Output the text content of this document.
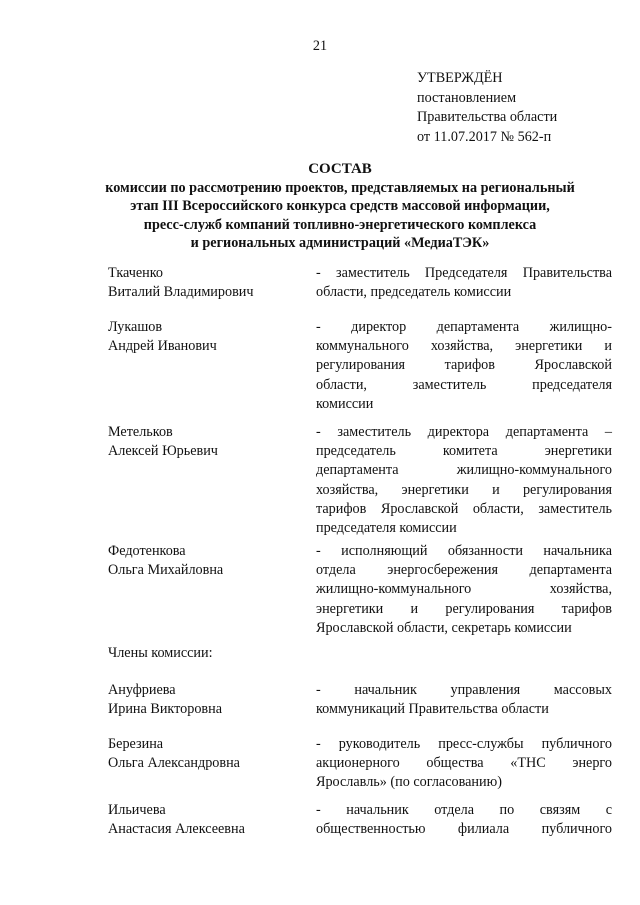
21
УТВЕРЖДЁН
постановлением
Правительства области
от 11.07.2017 № 562-п
СОСТАВ
комиссии по рассмотрению проектов, представляемых на региональный
этап III Всероссийского конкурса средств массовой информации,
пресс-служб компаний топливно-энергетического комплекса
и региональных администраций «МедиаТЭК»
Ткаченко
Виталий Владимирович
- заместитель Председателя Правительства
области, председатель комиссии
Лукашов
Андрей Иванович
- директор департамента жилищно-
коммунального хозяйства, энергетики и
регулирования тарифов Ярославской
области, заместитель председателя
комиссии
Метельков
Алексей Юрьевич
- заместитель директора департамента –
председатель комитета энергетики
департамента жилищно-коммунального
хозяйства, энергетики и регулирования
тарифов Ярославской области, заместитель
председателя комиссии
Федотенкова
Ольга Михайловна
- исполняющий обязанности начальника
отдела энергосбережения департамента
жилищно-коммунального хозяйства,
энергетики и регулирования тарифов
Ярославской области, секретарь комиссии
Члены комиссии:
Ануфриева
Ирина Викторовна
- начальник управления массовых
коммуникаций Правительства области
Березина
Ольга Александровна
- руководитель пресс-службы публичного
акционерного общества «ТНС энерго
Ярославль» (по согласованию)
Ильичева
Анастасия Алексеевна
- начальник отдела по связям с
общественностью филиала публичного
